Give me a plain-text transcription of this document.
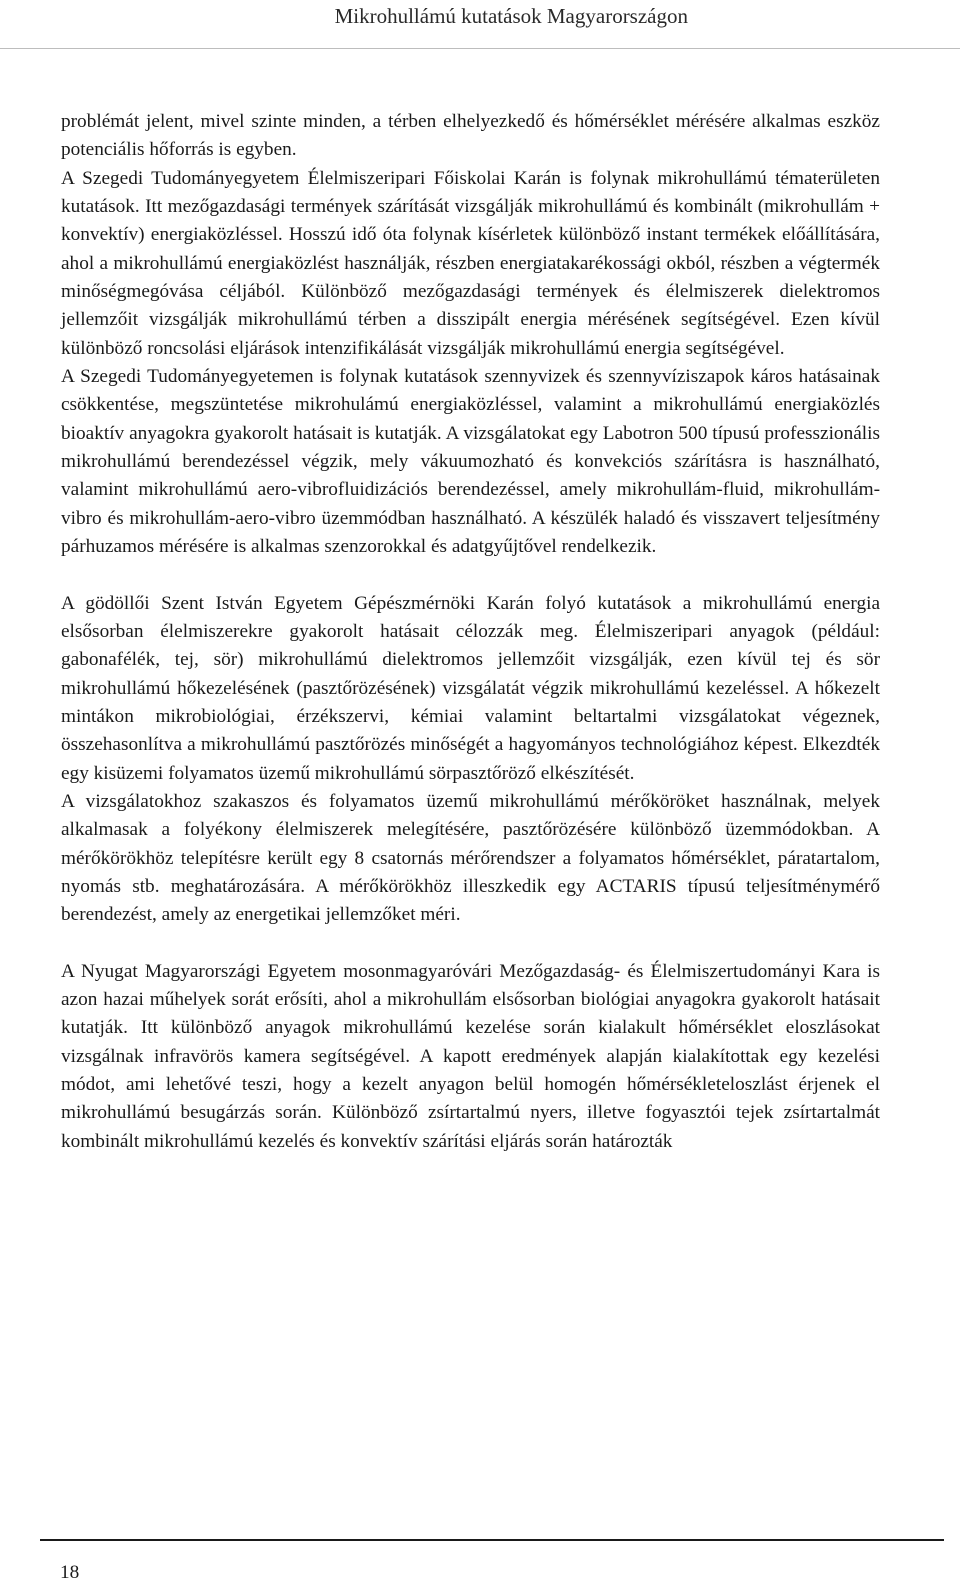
Mikrohullámú kutatások Magyarországon

problémát jelent, mivel szinte minden, a térben elhelyezkedő és hőmérséklet mérésére alkalmas eszköz potenciális hőforrás is egyben.

A Szegedi Tudományegyetem Élelmiszeripari Főiskolai Karán is folynak mikrohullámú tématerületen kutatások. Itt mezőgazdasági termények szárítását vizsgálják mikrohullámú és kombinált (mikrohullám + konvektív) energiaközléssel. Hosszú idő óta folynak kísérletek különböző instant termékek előállítására, ahol a mikrohullámú energiaközlést használják, részben energiatakarékossági okból, részben a végtermék minőségmegóvása céljából. Különböző mezőgazdasági termények és élelmiszerek dielektromos jellemzőit vizsgálják mikrohullámú térben a disszipált energia mérésének segítségével. Ezen kívül különböző roncsolási eljárások intenzifikálását vizsgálják mikrohullámú energia segítségével.

A Szegedi Tudományegyetemen is folynak kutatások szennyvizek és szennyvíziszapok káros hatásainak csökkentése, megszüntetése mikrohulámú energiaközléssel, valamint a mikrohullámú energiaközlés bioaktív anyagokra gyakorolt hatásait is kutatják. A vizsgálatokat egy Labotron 500 típusú professzionális mikrohullámú berendezéssel végzik, mely vákuumozható és konvekciós szárításra is használható, valamint mikrohullámú aero-vibrofluidizációs berendezéssel, amely mikrohullám-fluid, mikrohullám-vibro és mikrohullám-aero-vibro üzemmódban használható. A készülék haladó és visszavert teljesítmény párhuzamos mérésére is alkalmas szenzorokkal és adatgyűjtővel rendelkezik.

A gödöllői Szent István Egyetem Gépészmérnöki Karán folyó kutatások a mikrohullámú energia elsősorban élelmiszerekre gyakorolt hatásait célozzák meg. Élelmiszeripari anyagok (például: gabonafélék, tej, sör) mikrohullámú dielektromos jellemzőit vizsgálják, ezen kívül tej és sör mikrohullámú hőkezelésének (pasztőrözésének) vizsgálatát végzik mikrohullámú kezeléssel. A hőkezelt mintákon mikrobiológiai, érzékszervi, kémiai valamint beltartalmi vizsgálatokat végeznek, összehasonlítva a mikrohullámú pasztőrözés minőségét a hagyományos technológiához képest. Elkezdték egy kisüzemi folyamatos üzemű mikrohullámú sörpasztőröző elkészítését.

A vizsgálatokhoz szakaszos és folyamatos üzemű mikrohullámú mérőköröket használnak, melyek alkalmasak a folyékony élelmiszerek melegítésére, pasztőrözésére különböző üzemmódokban. A mérőkörökhöz telepítésre került egy 8 csatornás mérőrendszer a folyamatos hőmérséklet, páratartalom, nyomás stb. meghatározására. A mérőkörökhöz illeszkedik egy ACTARIS típusú teljesítménymérő berendezést, amely az energetikai jellemzőket méri.

A Nyugat Magyarországi Egyetem mosonmagyaróvári Mezőgazdaság- és Élelmiszertudományi Kara is azon hazai műhelyek sorát erősíti, ahol a mikrohullám elsősorban biológiai anyagokra gyakorolt hatásait kutatják. Itt különböző anyagok mikrohullámú kezelése során kialakult hőmérséklet eloszlásokat vizsgálnak infravörös kamera segítségével. A kapott eredmények alapján kialakítottak egy kezelési módot, ami lehetővé teszi, hogy a kezelt anyagon belül homogén hőmérsékleteloszlást érjenek el mikrohullámú besugárzás során. Különböző zsírtartalmú nyers, illetve fogyasztói tejek zsírtartalmát kombinált mikrohullámú kezelés és konvektív szárítási eljárás során határozták

18
